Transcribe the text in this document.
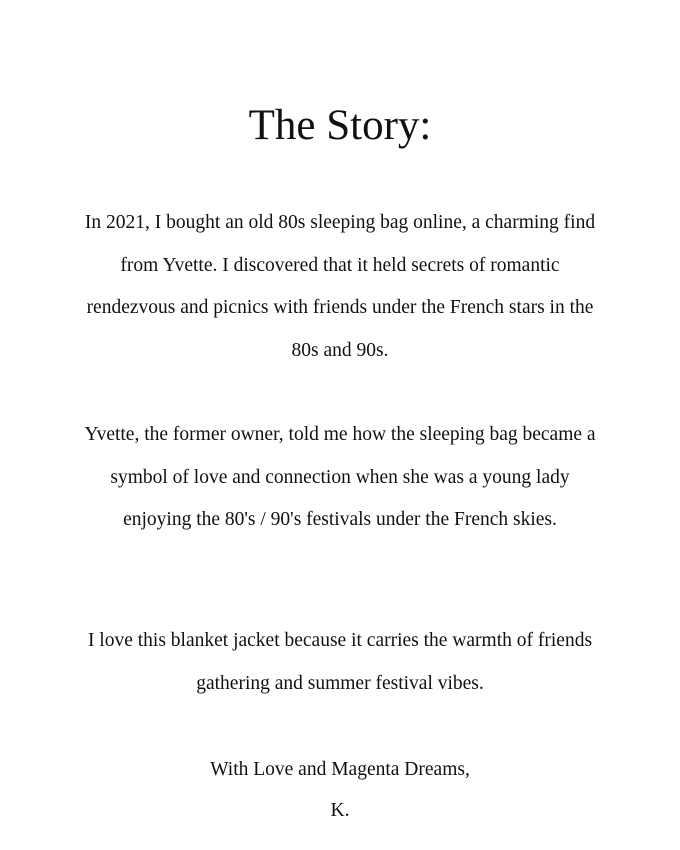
The Story:

In 2021, I bought an old 80s sleeping bag online, a charming find from Yvette. I discovered that it held secrets of romantic rendezvous and picnics with friends under the French stars in the 80s and 90s.

Yvette, the former owner, told me how the sleeping bag became a symbol of love and connection when she was a young lady enjoying the 80's / 90's festivals under the French skies.

I love this blanket jacket because it carries the warmth of friends gathering and summer festival vibes.

With Love and Magenta Dreams,

K.
